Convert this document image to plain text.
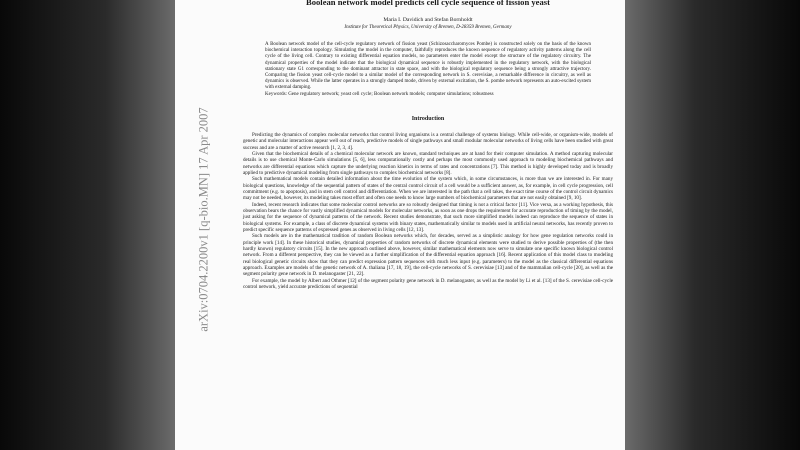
arXiv:0704.2200v1 [q-bio.MN] 17 Apr 2007
Boolean network model predicts cell cycle sequence of fission yeast
Maria I. Davidich and Stefan Bornholdt
Institute for Theoretical Physics, University of Bremen, D-28359 Bremen, Germany
A Boolean network model of the cell-cycle regulatory network of fission yeast (Schizosaccharomyces Pombe) is constructed solely on the basis of the known biochemical interaction topology. Simulating the model in the computer, faithfully reproduces the known sequence of regulatory activity patterns along the cell cycle of the living cell. Contrary to existing differential equation models, no parameters enter the model except the structure of the regulatory circuitry. The dynamical properties of the model indicate that the biological dynamical sequence is robustly implemented in the regulatory network, with the biological stationary state G1 corresponding to the dominant attractor in state space, and with the biological regulatory sequence being a strongly attractive trajectory. Comparing the fission yeast cell-cycle model to a similar model of the corresponding network in S. cerevisiae, a remarkable difference in circuitry, as well as dynamics is observed. While the latter operates in a strongly damped mode, driven by external excitation, the S. pombe network represents an auto-excited system with external damping.
Keywords: Gene regulatory network; yeast cell cycle; Boolean network models; computer simulations; robustness
Introduction

Predicting the dynamics of complex molecular networks that control living organisms is a central challenge of systems biology. While cell-wide, or organism-wide, models of genetic and molecular interactions appear well out of reach, predictive models of single pathways and small modular molecular networks of living cells have been studied with great success and are a matter of active research [1, 2, 3, 4].

Given that the biochemical details of a chemical molecular network are known, standard techniques are at hand for their computer simulation. A method capturing molecular details is to use chemical Monte-Carlo simulations [5, 6], less computationally costly and perhaps the most commonly used approach to modeling biochemical pathways and networks are differential equations which capture the underlying reaction kinetics in terms of rates and concentrations [7]. This method is highly developed today and is broadly applied to predictive dynamical modeling from single pathways to complex biochemical networks [8].

Such mathematical models contain detailed information about the time evolution of the system which, in some circumstances, is more than we are interested in. For many biological questions, knowledge of the sequential pattern of states of the central control circuit of a cell would be a sufficient answer, as, for example, in cell cycle progression, cell commitment (e.g. to apoptosis), and in stem cell control and differentiation. When we are interested in the path that a cell takes, the exact time course of the control circuit dynamics may not be needed, however, its modeling takes most effort and often one needs to know large numbers of biochemical parameters that are not easily obtained [9, 10].

Indeed, recent research indicates that some molecular control networks are so robustly designed that timing is not a critical factor [11]. Vice versa, as a working hypothesis, this observation bears the chance for vastly simplified dynamical models for molecular networks, as soon as one drops the requirement for accurate reproduction of timing by the model, just asking for the sequence of dynamical patterns of the network. Recent studies demonstrate, that such more simplified models indeed can reproduce the sequence of states in biological systems. For example, a class of discrete dynamical systems with binary states, mathematically similar to models used in artificial neural networks, has recently proven to predict specific sequence patterns of expressed genes as observed in living cells [12, 13].

Such models are in the mathematical tradition of random Boolean networks which, for decades, served as a simplistic analogy for how gene regulation networks could in principle work [14]. In these historical studies, dynamical properties of random networks of discrete dynamical elements were studied to derive possible properties of (the then hardly known) regulatory circuits [15]. In the new approach outlined above, however, similar mathematical elements now serve to simulate one specific known biological control network. From a different perspective, they can be viewed as a further simplification of the differential equation approach [16]. Recent application of this model class to modeling real biological genetic circuits show that they can predict expression pattern sequences with much less input (e.g. parameters) to the model as the classical differential equations approach. Examples are models of the genetic network of A. thaliana [17, 18, 19], the cell-cycle networks of S. cerevisiae [13] and of the mammalian cell-cycle [20], as well as the segment polarity gene network in D. melanogaster [21, 22].

For example, the model by Albert and Othmer [12] of the segment polarity gene network in D. melanogaster, as well as the model by Li et al. [13] of the S. cerevisiae cell-cycle control network, yield accurate predictions of sequential
